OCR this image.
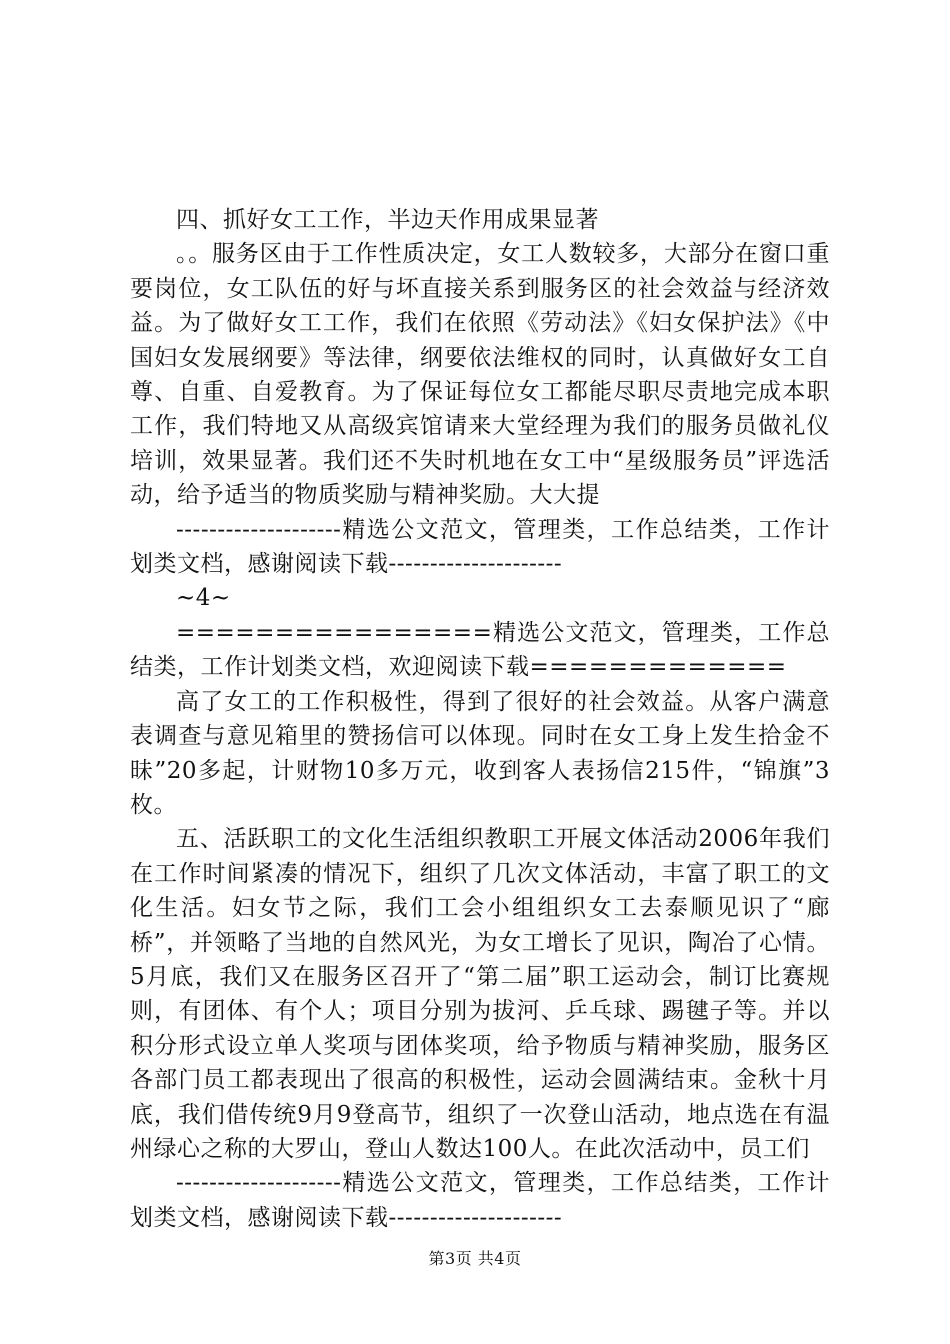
四、抓好女工工作，半边天作用成果显著

。。服务区由于工作性质决定，女工人数较多，大部分在窗口重要岗位，女工队伍的好与坏直接关系到服务区的社会效益与经济效益。为了做好女工工作，我们在依照《劳动法》《妇女保护法》《中国妇女发展纲要》等法律，纲要依法维权的同时，认真做好女工自尊、自重、自爱教育。为了保证每位女工都能尽职尽责地完成本职工作，我们特地又从高级宾馆请来大堂经理为我们的服务员做礼仪培训，效果显著。我们还不失时机地在女工中“星级服务员”评选活动，给予适当的物质奖励与精神奖励。大大提

--------------------精选公文范文，管理类，工作总结类，工作计划类文档，感谢阅读下载---------------------

~4~

================精选公文范文，管理类，工作总结类，工作计划类文档，欢迎阅读下载=============

高了女工的工作积极性，得到了很好的社会效益。从客户满意表调查与意见箱里的赞扬信可以体现。同时在女工身上发生拾金不昧”20多起，计财物10多万元，收到客人表扬信215件，“锦旗”3枚。

五、活跃职工的文化生活组织教职工开展文体活动2006年我们在工作时间紧凑的情况下，组织了几次文体活动，丰富了职工的文化生活。妇女节之际，我们工会小组组织女工去泰顺见识了“廊桥”，并领略了当地的自然风光，为女工增长了见识，陶冶了心情。5月底，我们又在服务区召开了“第二届”职工运动会，制订比赛规则，有团体、有个人；项目分别为拔河、乒乓球、踢毽子等。并以积分形式设立单人奖项与团体奖项，给予物质与精神奖励，服务区各部门员工都表现出了很高的积极性，运动会圆满结束。金秋十月底，我们借传统9月9登高节，组织了一次登山活动，地点选在有温州绿心之称的大罗山，登山人数达100人。在此次活动中，员工们

--------------------精选公文范文，管理类，工作总结类，工作计划类文档，感谢阅读下载---------------------

第3页 共4页
